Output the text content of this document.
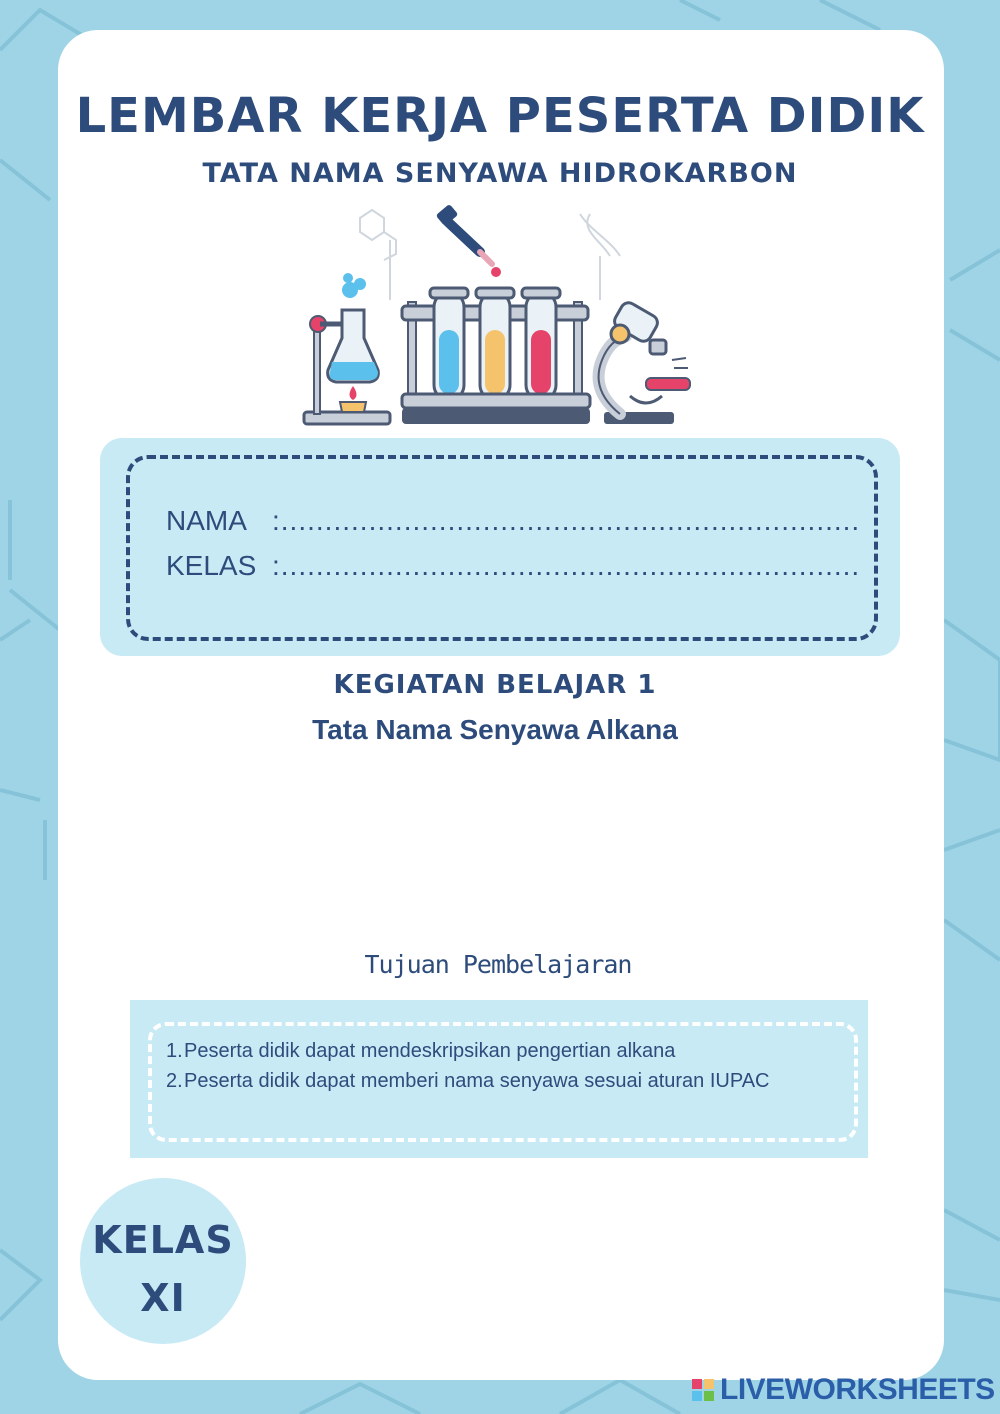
LEMBAR KERJA PESERTA DIDIK
TATA NAMA SENYAWA HIDROKARBON
NAMA :..................................................................
KELAS :..................................................................
KEGIATAN BELAJAR 1
Tata Nama Senyawa Alkana
Tujuan Pembelajaran
1. Peserta didik dapat mendeskripsikan pengertian alkana
2. Peserta didik dapat memberi nama senyawa sesuai aturan IUPAC
KELAS
XI
LIVEWORKSHEETS
